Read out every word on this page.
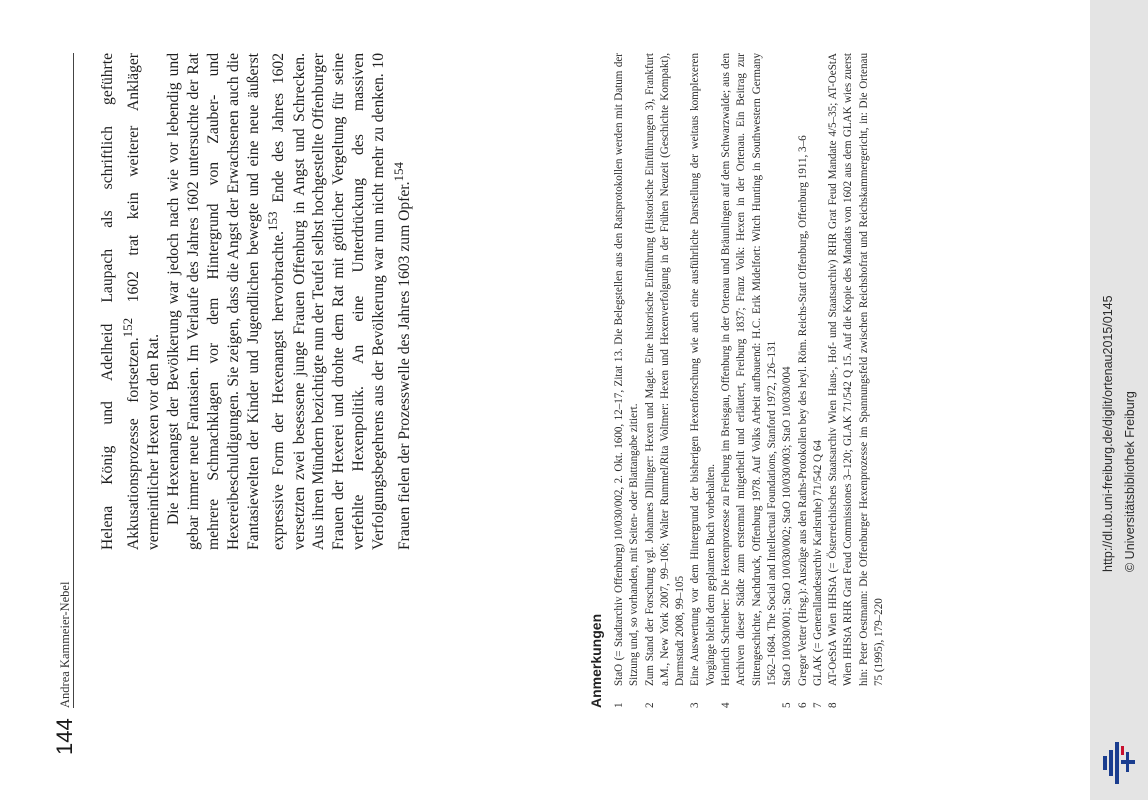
144
Andrea Kammeier-Nebel

Helena König und Adelheid Laupach als schriftlich geführte Akkusationsprozesse fortsetzen.$^{152}$ 1602 trat kein weiterer Ankläger vermeintlicher Hexen vor den Rat. Die Hexenangst der Bevölkerung war jedoch nach wie vor lebendig und gebar immer neue Fantasien. Im Verlaufe des Jahres 1602 untersuchte der Rat mehrere Schmachklagen vor dem Hintergrund von Zauber- und Hexereibeschuldigungen. Sie zeigen, dass die Angst der Erwachsenen auch die Fantasiewelten der Kinder und Jugendlichen bewegte und eine neue äußerst expressive Form der Hexenangst hervorbrachte.$^{153}$ Ende des Jahres 1602 versetzten zwei besessene junge Frauen Offenburg in Angst und Schrecken. Aus ihren Mündern bezichtigte nun der Teufel selbst hochgestellte Offenburger Frauen der Hexerei und drohte dem Rat mit göttlicher Vergeltung für seine verfehlte Hexenpolitik. An eine Unterdrückung des massiven Verfolgungsbegehrens aus der Bevölkerung war nun nicht mehr zu denken. 10 Frauen fielen der Prozesswelle des Jahres 1603 zum Opfer.$^{154}$

Anmerkungen 1
StaO (= Stadtarchiv Offenburg) 10/030/002, 2. Okt. 1600, 12–17, Zitat 13. Die Belegstellen aus den Ratsprotokollen werden mit Datum der Sitzung und, so vorhanden, mit Seiten- oder Blattangabe zitiert.
2
Zum Stand der Forschung vgl. Johannes Dillinger: Hexen und Magie. Eine historische Einführung (Historische Einführungen 3), Frankfurt a.M., New York 2007, 99–106; Walter Rummel/Rita Voltmer: Hexen und Hexenverfolgung in der Frühen Neuzeit (Geschichte Kompakt), Darmstadt 2008, 99–105
3
Eine Auswertung vor dem Hintergrund der bisherigen Hexenforschung wie auch eine ausführliche Darstellung der weitaus komplexeren Vorgänge bleibt dem geplanten Buch vorbehalten.
4
Heinrich Schreiber: Die Hexenprozesse zu Freiburg im Breisgau, Offenburg in der Ortenau und Bräunlingen auf dem Schwarzwalde; aus den Archiven dieser Städte zum erstenmal mitgetheilt und erläutert, Freiburg 1837; Franz Volk: Hexen in der Ortenau. Ein Beitrag zur Sittengeschichte, Nachdruck, Offenburg 1978. Auf Volks Arbeit aufbauend: H.C. Erik Midelfort: Witch Hunting in Southwestern Germany 1562–1684. The Social and Intellectual Foundations, Stanford 1972, 126–131
5
StaO 10/030/001; StaO 10/030/002; StaO 10/030/003; StaO 10/030/004
6
Gregor Vetter (Hrsg.): Auszüge aus den Raths-Protokollen bey des heyl. Röm. Reichs-Statt Offenburg, Offenburg 1911, 3–6
7
GLAK (= Generallandesarchiv Karlsruhe) 71/542 Q 64
8
AT-OeStA Wien HHStA (= Österreichisches Staatsarchiv Wien Haus-, Hof- und Staatsarchiv) RHR Grat Feud Mandate 4/5–35; AT-OeStA Wien HHStA RHR Grat Feud Commissiones 3–120; GLAK 71/542 Q 15. Auf die Kopie des Mandats von 1602 aus dem GLAK wies zuerst hin: Peter Oestmann: Die Offenburger Hexenprozesse im Spannungsfeld zwischen Reichshofrat und Reichskammergericht, in: Die Ortenau 75 (1995), 179–220
http://dl.ub.uni-freiburg.de/diglit/ortenau2015/0145 © Universitätsbibliothek Freiburg
